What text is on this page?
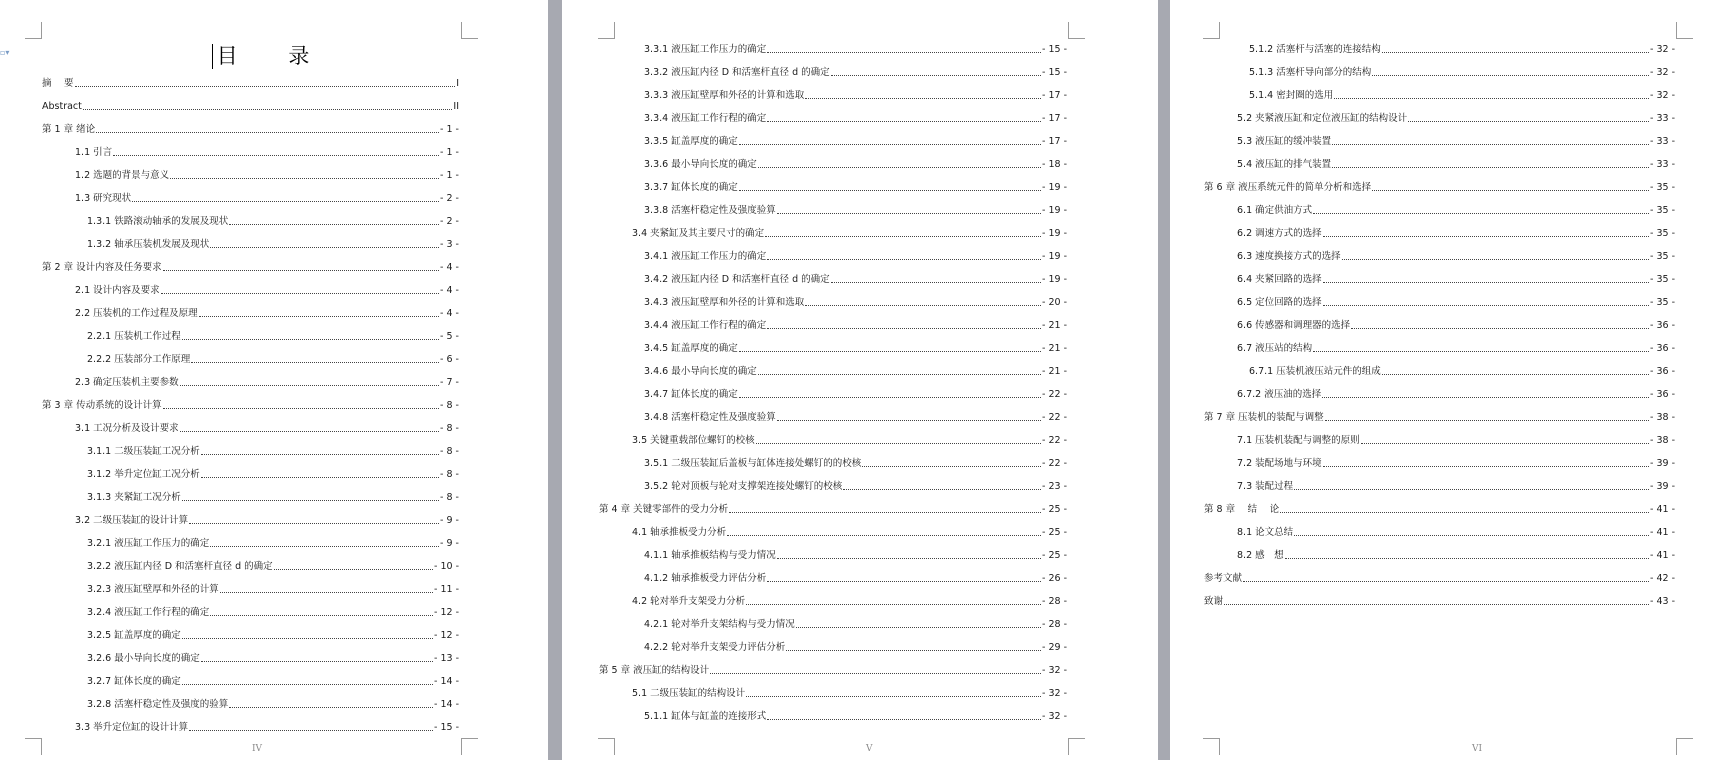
▫▾	目 录
IV
摘　 要	I
Abstract	II
第 1 章 绪论	- 1 -
1.1 引言	- 1 -
1.2 选题的背景与意义	- 1 -
1.3 研究现状	- 2 -
1.3.1 铁路滚动轴承的发展及现状	- 2 -
1.3.2 轴承压装机发展及现状	- 3 -
第 2 章 设计内容及任务要求	- 4 -
2.1 设计内容及要求	- 4 -
2.2 压装机的工作过程及原理	- 4 -
2.2.1 压装机工作过程	- 5 -
2.2.2 压装部分工作原理	- 6 -
2.3 确定压装机主要参数	- 7 -
第 3 章 传动系统的设计计算	- 8 -
3.1 工况分析及设计要求	- 8 -
3.1.1 二级压装缸工况分析	- 8 -
3.1.2 举升定位缸工况分析	- 8 -
3.1.3 夹紧缸工况分析	- 8 -
3.2 二级压装缸的设计计算	- 9 -
3.2.1 液压缸工作压力的确定	- 9 -
3.2.2 液压缸内径 D 和活塞杆直径 d 的确定	- 10 -
3.2.3 液压缸壁厚和外径的计算	- 11 -
3.2.4 液压缸工作行程的确定	- 12 -
3.2.5 缸盖厚度的确定	- 12 -
3.2.6 最小导向长度的确定	- 13 -
3.2.7 缸体长度的确定	- 14 -
3.2.8 活塞杆稳定性及强度的验算	- 14 -
3.3 举升定位缸的设计计算	- 15 -
V
3.3.1 液压缸工作压力的确定	- 15 -
3.3.2 液压缸内径 D 和活塞杆直径 d 的确定	- 15 -
3.3.3 液压缸壁厚和外径的计算和选取	- 17 -
3.3.4 液压缸工作行程的确定	- 17 -
3.3.5 缸盖厚度的确定	- 17 -
3.3.6 最小导向长度的确定	- 18 -
3.3.7 缸体长度的确定	- 19 -
3.3.8 活塞杆稳定性及强度验算	- 19 -
3.4 夹紧缸及其主要尺寸的确定	- 19 -
3.4.1 液压缸工作压力的确定	- 19 -
3.4.2 液压缸内径 D 和活塞杆直径 d 的确定	- 19 -
3.4.3 液压缸壁厚和外径的计算和选取	- 20 -
3.4.4 液压缸工作行程的确定	- 21 -
3.4.5 缸盖厚度的确定	- 21 -
3.4.6 最小导向长度的确定	- 21 -
3.4.7 缸体长度的确定	- 22 -
3.4.8 活塞杆稳定性及强度验算	- 22 -
3.5 关键重载部位螺钉的校核	- 22 -
3.5.1 二级压装缸后盖板与缸体连接处螺钉的的校核	- 22 -
3.5.2 轮对顶板与轮对支撑架连接处螺钉的校核	- 23 -
第 4 章 关键零部件的受力分析	- 25 -
4.1 轴承推板受力分析	- 25 -
4.1.1 轴承推板结构与受力情况	- 25 -
4.1.2 轴承推板受力评估分析	- 26 -
4.2 轮对举升支架受力分析	- 28 -
4.2.1 轮对举升支架结构与受力情况	- 28 -
4.2.2 轮对举升支架受力评估分析	- 29 -
第 5 章 液压缸的结构设计	- 32 -
5.1 二级压装缸的结构设计	- 32 -
5.1.1 缸体与缸盖的连接形式	- 32 -
VI
5.1.2 活塞杆与活塞的连接结构	- 32 -
5.1.3 活塞杆导向部分的结构	- 32 -
5.1.4 密封圈的选用	- 32 -
5.2 夹紧液压缸和定位液压缸的结构设计	- 33 -
5.3 液压缸的缓冲装置	- 33 -
5.4 液压缸的排气装置	- 33 -
第 6 章 液压系统元件的简单分析和选择	- 35 -
6.1 确定供油方式	- 35 -
6.2 调速方式的选择	- 35 -
6.3 速度换接方式的选择	- 35 -
6.4 夹紧回路的选择	- 35 -
6.5 定位回路的选择	- 35 -
6.6 传感器和调理器的选择	- 36 -
6.7 液压站的结构	- 36 -
6.7.1 压装机液压站元件的组成	- 36 -
6.7.2 液压油的选择	- 36 -
第 7 章 压装机的装配与调整	- 38 -
7.1 压装机装配与调整的原则	- 38 -
7.2 装配场地与环境	- 39 -
7.3 装配过程	- 39 -
第 8 章　 结　 论	- 41 -
8.1 论文总结	- 41 -
8.2 感　想	- 41 -
参考文献	- 42 -
致谢	- 43 -
